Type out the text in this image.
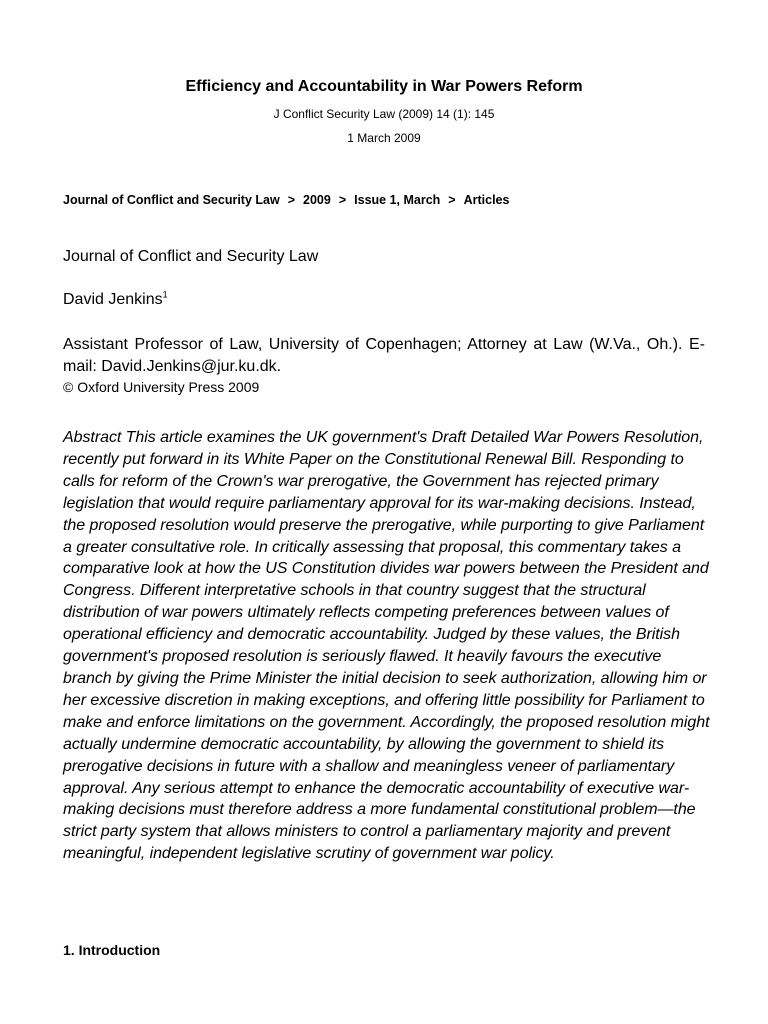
Efficiency and Accountability in War Powers Reform
J Conflict Security Law (2009) 14 (1): 145
1 March 2009
Journal of Conflict and Security Law > 2009 > Issue 1, March > Articles
Journal of Conflict and Security Law
David Jenkins$^1$
Assistant Professor of Law, University of Copenhagen; Attorney at Law (W.Va., Oh.). E-mail: David.Jenkins@jur.ku.dk.
© Oxford University Press 2009
Abstract This article examines the UK government's Draft Detailed War Powers Resolution, recently put forward in its White Paper on the Constitutional Renewal Bill. Responding to calls for reform of the Crown's war prerogative, the Government has rejected primary legislation that would require parliamentary approval for its war-making decisions. Instead, the proposed resolution would preserve the prerogative, while purporting to give Parliament a greater consultative role. In critically assessing that proposal, this commentary takes a comparative look at how the US Constitution divides war powers between the President and Congress. Different interpretative schools in that country suggest that the structural distribution of war powers ultimately reflects competing preferences between values of operational efficiency and democratic accountability. Judged by these values, the British government's proposed resolution is seriously flawed. It heavily favours the executive branch by giving the Prime Minister the initial decision to seek authorization, allowing him or her excessive discretion in making exceptions, and offering little possibility for Parliament to make and enforce limitations on the government. Accordingly, the proposed resolution might actually undermine democratic accountability, by allowing the government to shield its prerogative decisions in future with a shallow and meaningless veneer of parliamentary approval. Any serious attempt to enhance the democratic accountability of executive war-making decisions must therefore address a more fundamental constitutional problem—the strict party system that allows ministers to control a parliamentary majority and prevent meaningful, independent legislative scrutiny of government war policy.
1. Introduction
